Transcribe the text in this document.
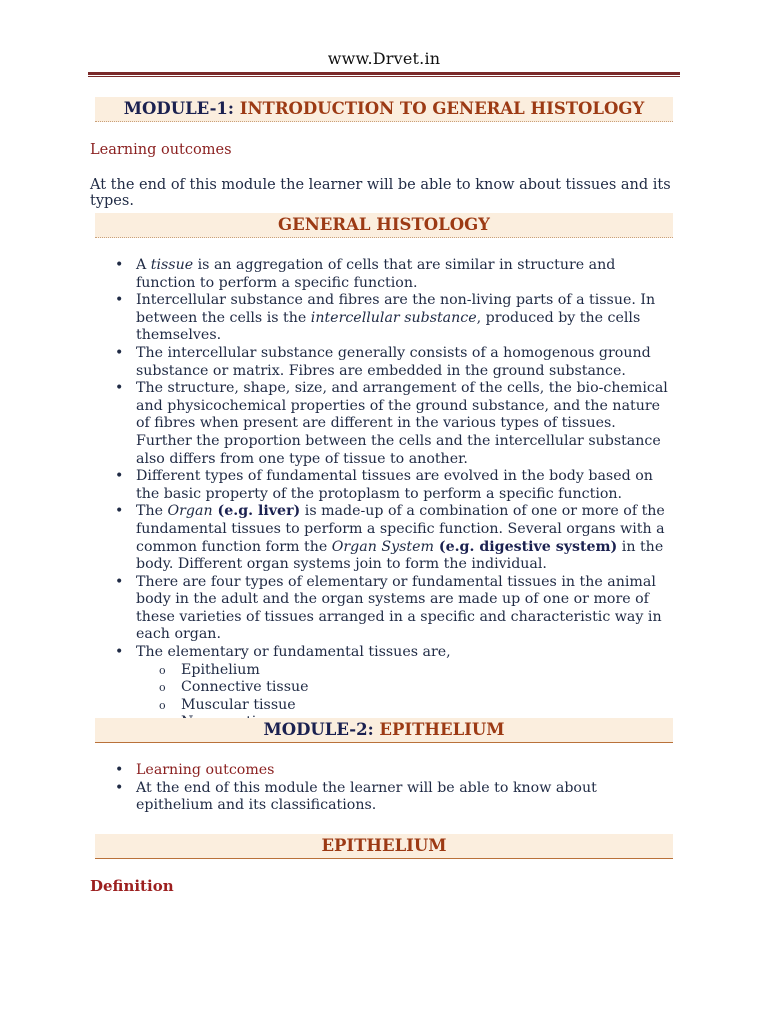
www.Drvet.in
MODULE-1: INTRODUCTION TO GENERAL HISTOLOGY
Learning outcomes
At the end of this module the learner will be able to know about tissues and its types.
GENERAL HISTOLOGY
• A tissue is an aggregation of cells that are similar in structure and function to perform a specific function.
• Intercellular substance and fibres are the non-living parts of a tissue. In between the cells is the intercellular substance, produced by the cells themselves.
• The intercellular substance generally consists of a homogenous ground substance or matrix. Fibres are embedded in the ground substance.
• The structure, shape, size, and arrangement of the cells, the bio-chemical and physicochemical properties of the ground substance, and the nature of fibres when present are different in the various types of tissues. Further the proportion between the cells and the intercellular substance also differs from one type of tissue to another.
• Different types of fundamental tissues are evolved in the body based on the basic property of the protoplasm to perform a specific function.
• The Organ (e.g. liver) is made-up of a combination of one or more of the fundamental tissues to perform a specific function. Several organs with a common function form the Organ System (e.g. digestive system) in the body. Different organ systems join to form the individual.
• There are four types of elementary or fundamental tissues in the animal body in the adult and the organ systems are made up of one or more of these varieties of tissues arranged in a specific and characteristic way in each organ.
• The elementary or fundamental tissues are,
o Epithelium
o Connective tissue
o Muscular tissue
o
MODULE-2: EPITHELIUM
• Learning outcomes
• At the end of this module the learner will be able to know about epithelium and its classifications.
EPITHELIUM
Definition
